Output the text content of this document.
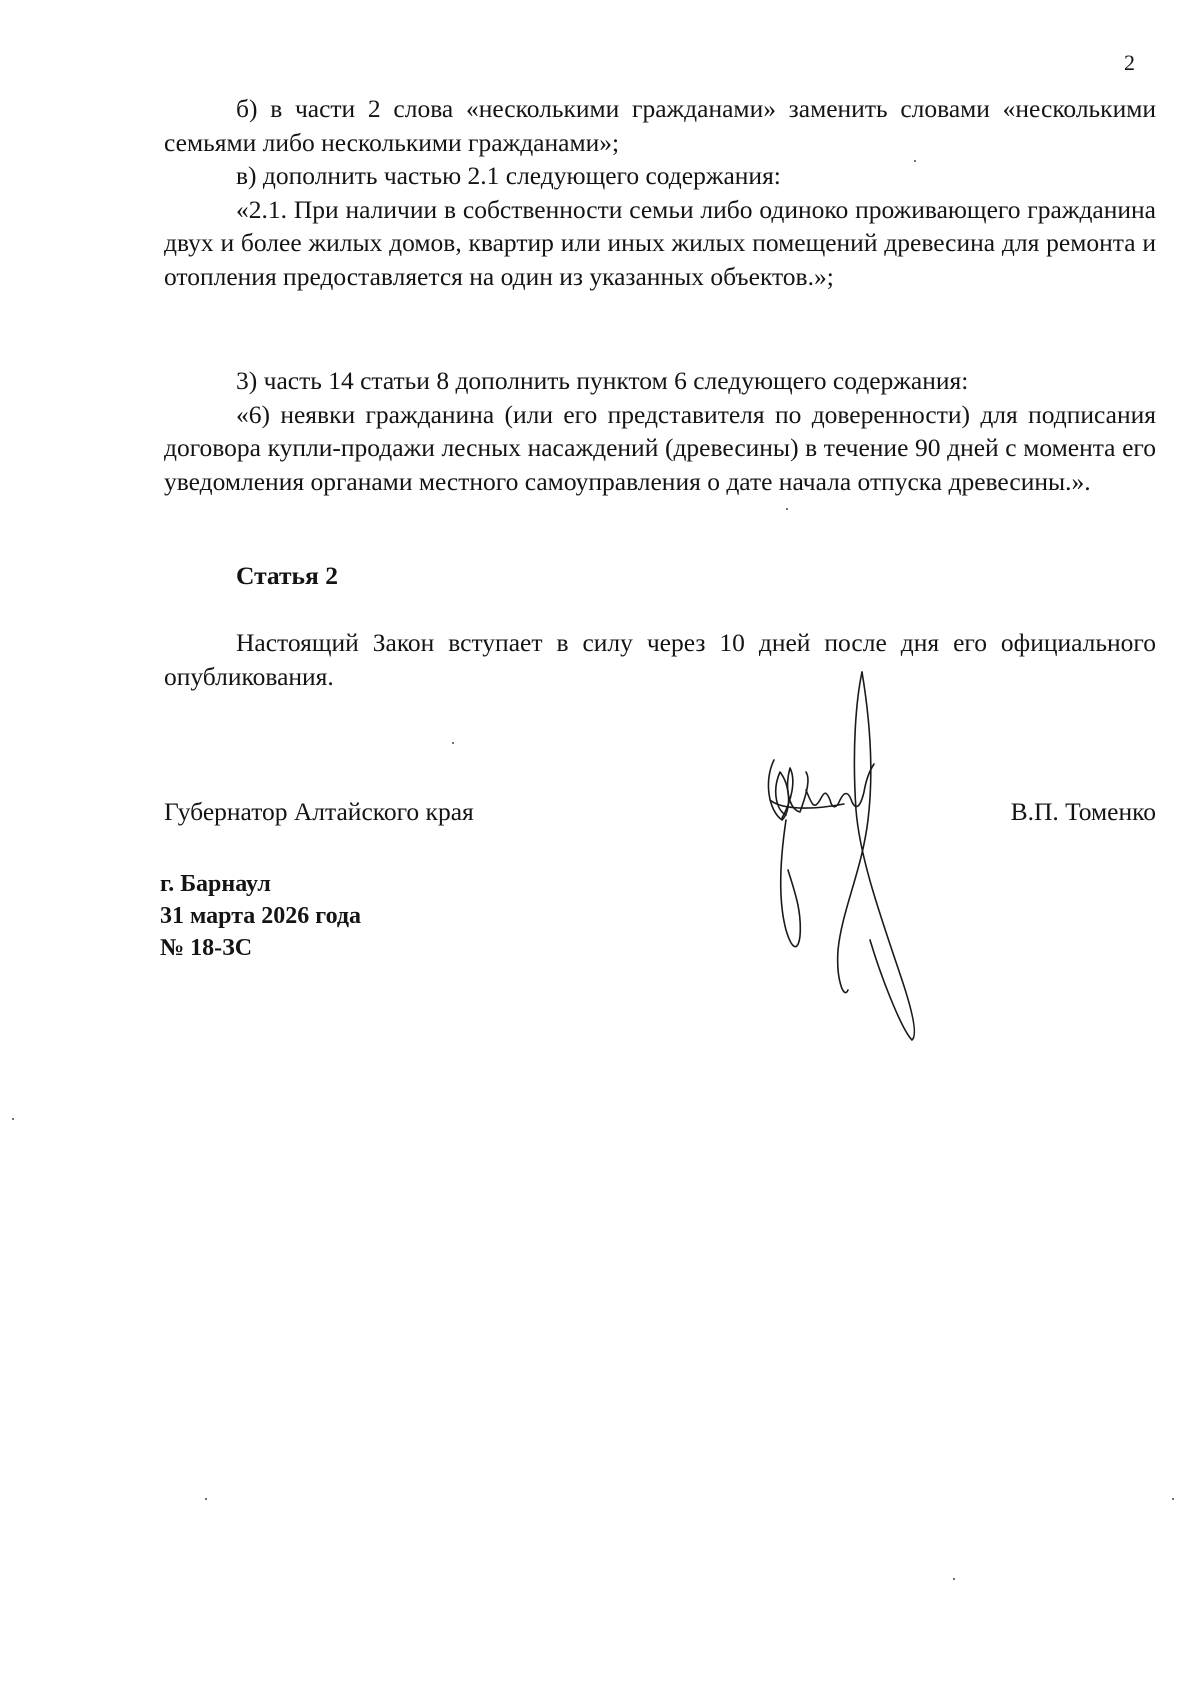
2

б) в части 2 слова «несколькими гражданами» заменить словами «несколькими семьями либо несколькими гражданами»;

в) дополнить частью 2.1 следующего содержания:

«2.1. При наличии в собственности семьи либо одиноко проживающего гражданина двух и более жилых домов, квартир или иных жилых помещений древесина для ремонта и отопления предоставляется на один из указанных объектов.»;

3) часть 14 статьи 8 дополнить пунктом 6 следующего содержания:

«6) неявки гражданина (или его представителя по доверенности) для подписания договора купли-продажи лесных насаждений (древесины) в течение 90 дней с момента его уведомления органами местного самоуправления о дате начала отпуска древесины.».

Статья 2

Настоящий Закон вступает в силу через 10 дней после дня его официального опубликования.

Губернатор Алтайского края	В.П. Томенко
г. Барнаул
31 марта 2026 года
№ 18-ЗС
